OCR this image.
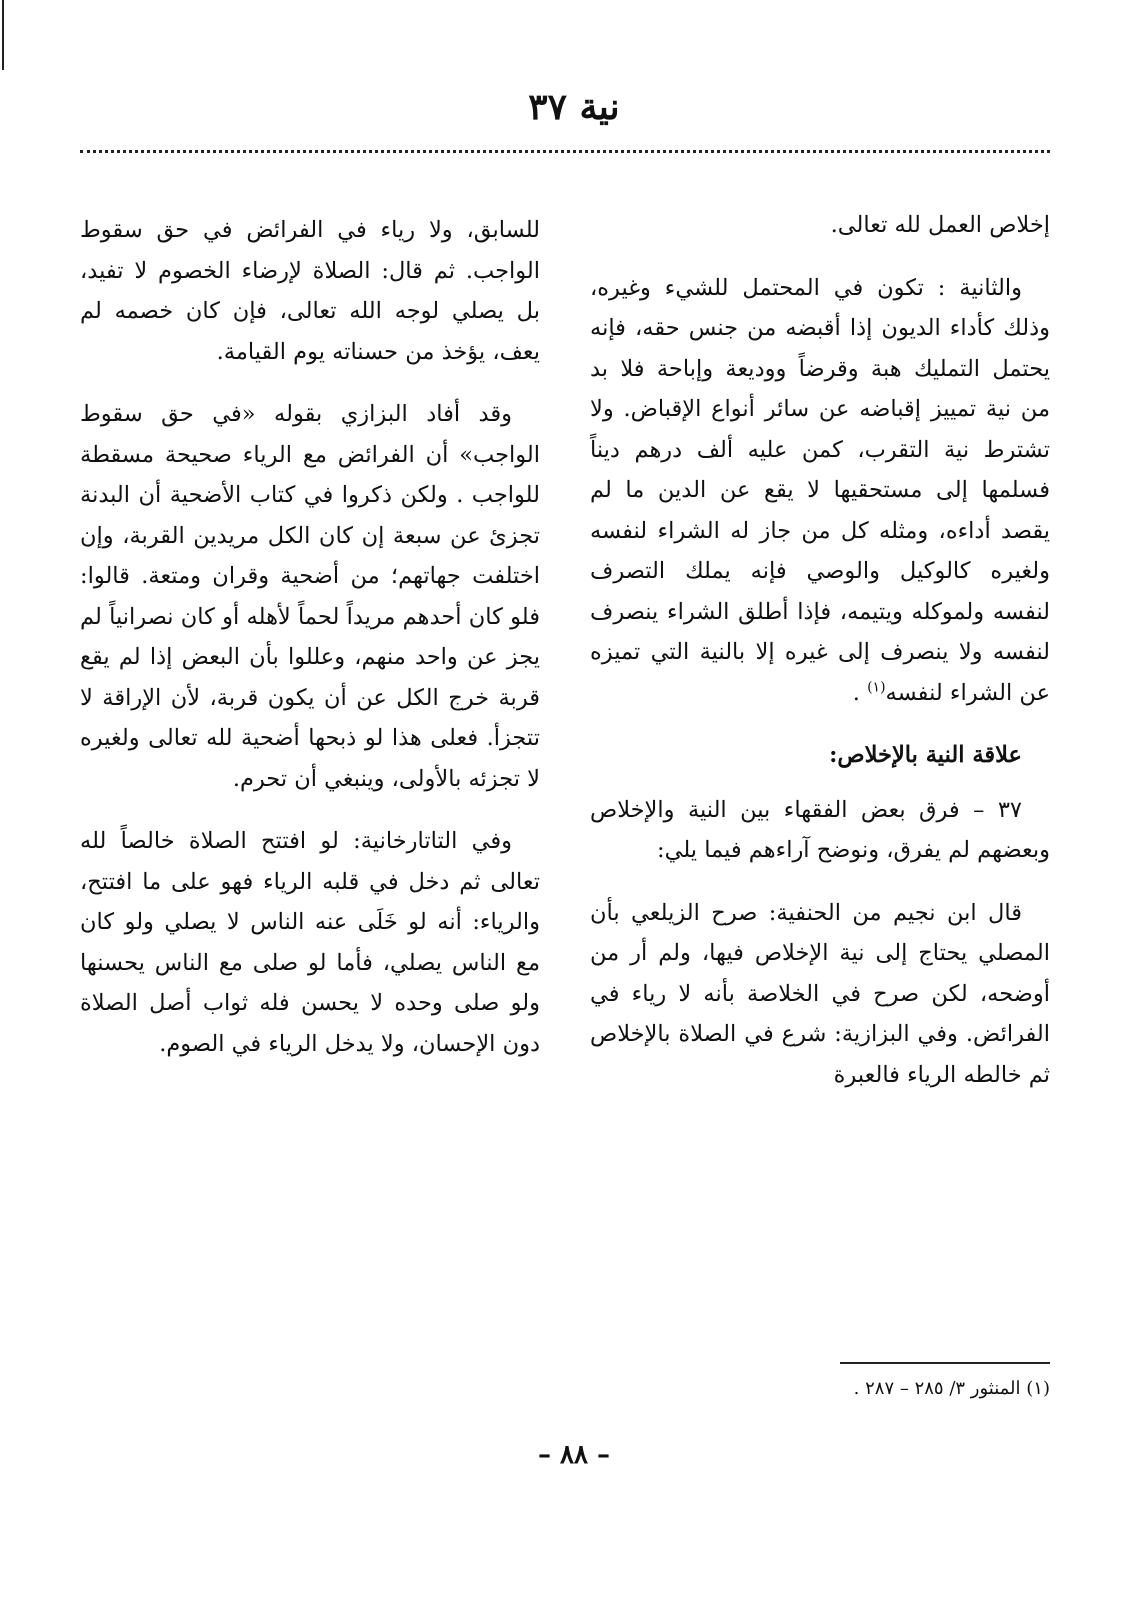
نية ٣٧

إخلاص العمل لله تعالى.

والثانية : تكون في المحتمل للشيء وغيره، وذلك كأداء الديون إذا أقبضه من جنس حقه، فإنه يحتمل التمليك هبة وقرضاً ووديعة وإباحة فلا بد من نية تمييز إقباضه عن سائر أنواع الإقباض. ولا تشترط نية التقرب، كمن عليه ألف درهم ديناً فسلمها إلى مستحقيها لا يقع عن الدين ما لم يقصد أداءه، ومثله كل من جاز له الشراء لنفسه ولغيره كالوكيل والوصي فإنه يملك التصرف لنفسه ولموكله ويتيمه، فإذا أطلق الشراء ينصرف لنفسه ولا ينصرف إلى غيره إلا بالنية التي تميزه عن الشراء لنفسه$^{(١)}$ .

علاقة النية بالإخلاص:

٣٧ – فرق بعض الفقهاء بين النية والإخلاص وبعضهم لم يفرق، ونوضح آراءهم فيما يلي:

قال ابن نجيم من الحنفية: صرح الزيلعي بأن المصلي يحتاج إلى نية الإخلاص فيها، ولم أر من أوضحه، لكن صرح في الخلاصة بأنه لا رياء في الفرائض. وفي البزازية: شرع في الصلاة بالإخلاص ثم خالطه الرياء فالعبرة

للسابق، ولا رياء في الفرائض في حق سقوط الواجب. ثم قال: الصلاة لإرضاء الخصوم لا تفيد، بل يصلي لوجه الله تعالى، فإن كان خصمه لم يعف، يؤخذ من حسناته يوم القيامة.

وقد أفاد البزازي بقوله «في حق سقوط الواجب» أن الفرائض مع الرياء صحيحة مسقطة للواجب . ولكن ذكروا في كتاب الأضحية أن البدنة تجزئ عن سبعة إن كان الكل مريدين القربة، وإن اختلفت جهاتهم؛ من أضحية وقران ومتعة. قالوا: فلو كان أحدهم مريداً لحماً لأهله أو كان نصرانياً لم يجز عن واحد منهم، وعللوا بأن البعض إذا لم يقع قربة خرج الكل عن أن يكون قربة، لأن الإراقة لا تتجزأ. فعلى هذا لو ذبحها أضحية لله تعالى ولغيره لا تجزئه بالأولى، وينبغي أن تحرم.

وفي التاتارخانية: لو افتتح الصلاة خالصاً لله تعالى ثم دخل في قلبه الرياء فهو على ما افتتح، والرياء: أنه لو خَلَى عنه الناس لا يصلي ولو كان مع الناس يصلي، فأما لو صلى مع الناس يحسنها ولو صلى وحده لا يحسن فله ثواب أصل الصلاة دون الإحسان، ولا يدخل الرياء في الصوم.

(١) المنثور ٣/ ٢٨٥ – ٢٨٧ .

– ٨٨ –
